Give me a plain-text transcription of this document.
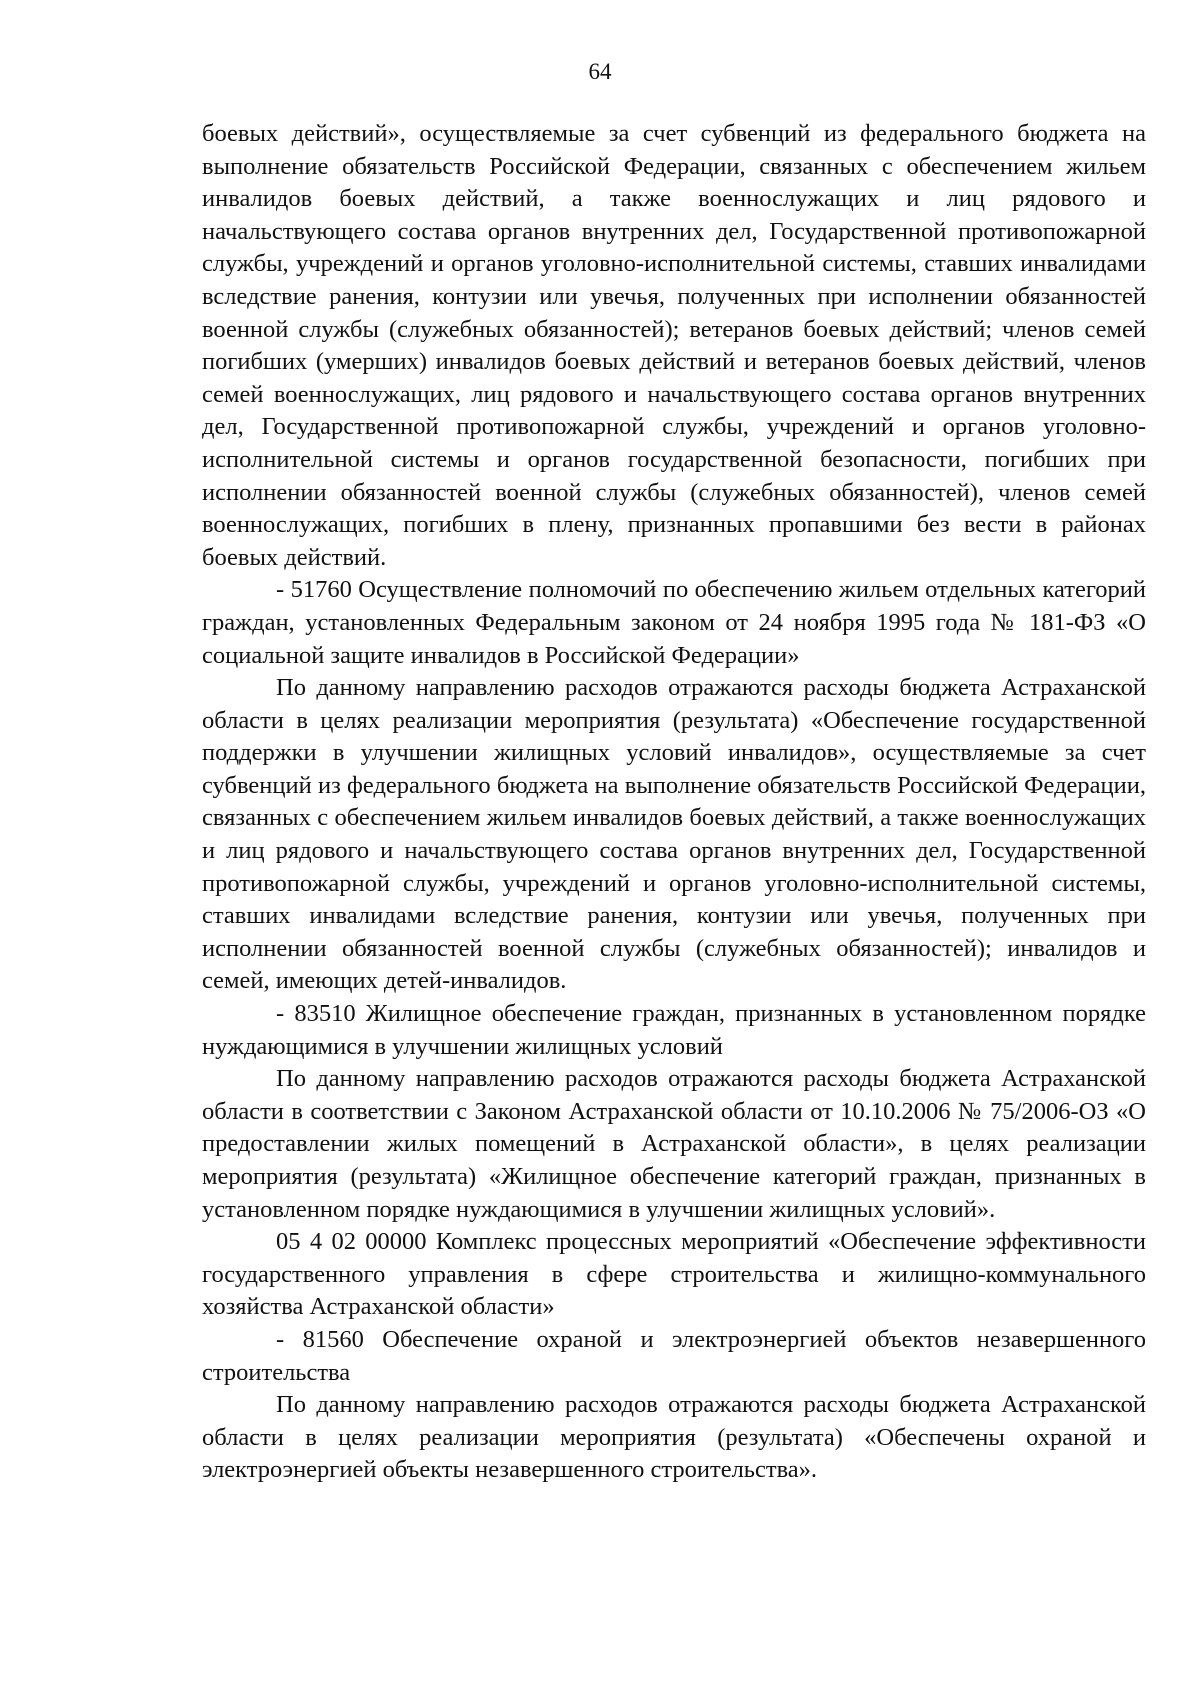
64

боевых действий», осуществляемые за счет субвенций из федерального бюджета на выполнение обязательств Российской Федерации, связанных с обеспечением жильем инвалидов боевых действий, а также военнослужащих и лиц рядового и начальствующего состава органов внутренних дел, Государственной противопожарной службы, учреждений и органов уголовно-исполнительной системы, ставших инвалидами вследствие ранения, контузии или увечья, полученных при исполнении обязанностей военной службы (служебных обязанностей); ветеранов боевых действий; членов семей погибших (умерших) инвалидов боевых действий и ветеранов боевых действий, членов семей военнослужащих, лиц рядового и начальствующего состава органов внутренних дел, Государственной противопожарной службы, учреждений и органов уголовно-исполнительной системы и органов государственной безопасности, погибших при исполнении обязанностей военной службы (служебных обязанностей), членов семей военнослужащих, погибших в плену, признанных пропавшими без вести в районах боевых действий.

- 51760 Осуществление полномочий по обеспечению жильем отдельных категорий граждан, установленных Федеральным законом от 24 ноября 1995 года № 181-ФЗ «О социальной защите инвалидов в Российской Федерации»

По данному направлению расходов отражаются расходы бюджета Астраханской области в целях реализации мероприятия (результата) «Обеспечение государственной поддержки в улучшении жилищных условий инвалидов», осуществляемые за счет субвенций из федерального бюджета на выполнение обязательств Российской Федерации, связанных с обеспечением жильем инвалидов боевых действий, а также военнослужащих и лиц рядового и начальствующего состава органов внутренних дел, Государственной противопожарной службы, учреждений и органов уголовно-исполнительной системы, ставших инвалидами вследствие ранения, контузии или увечья, полученных при исполнении обязанностей военной службы (служебных обязанностей); инвалидов и семей, имеющих детей-инвалидов.

- 83510 Жилищное обеспечение граждан, признанных в установленном порядке нуждающимися в улучшении жилищных условий

По данному направлению расходов отражаются расходы бюджета Астраханской области в соответствии с Законом Астраханской области от 10.10.2006 № 75/2006-ОЗ «О предоставлении жилых помещений в Астраханской области», в целях реализации мероприятия (результата) «Жилищное обеспечение категорий граждан, признанных в установленном порядке нуждающимися в улучшении жилищных условий».

05 4 02 00000 Комплекс процессных мероприятий «Обеспечение эффективности государственного управления в сфере строительства и жилищно-коммунального хозяйства Астраханской области»

- 81560 Обеспечение охраной и электроэнергией объектов незавершенного строительства

По данному направлению расходов отражаются расходы бюджета Астраханской области в целях реализации мероприятия (результата) «Обеспечены охраной и электроэнергией объекты незавершенного строительства».
